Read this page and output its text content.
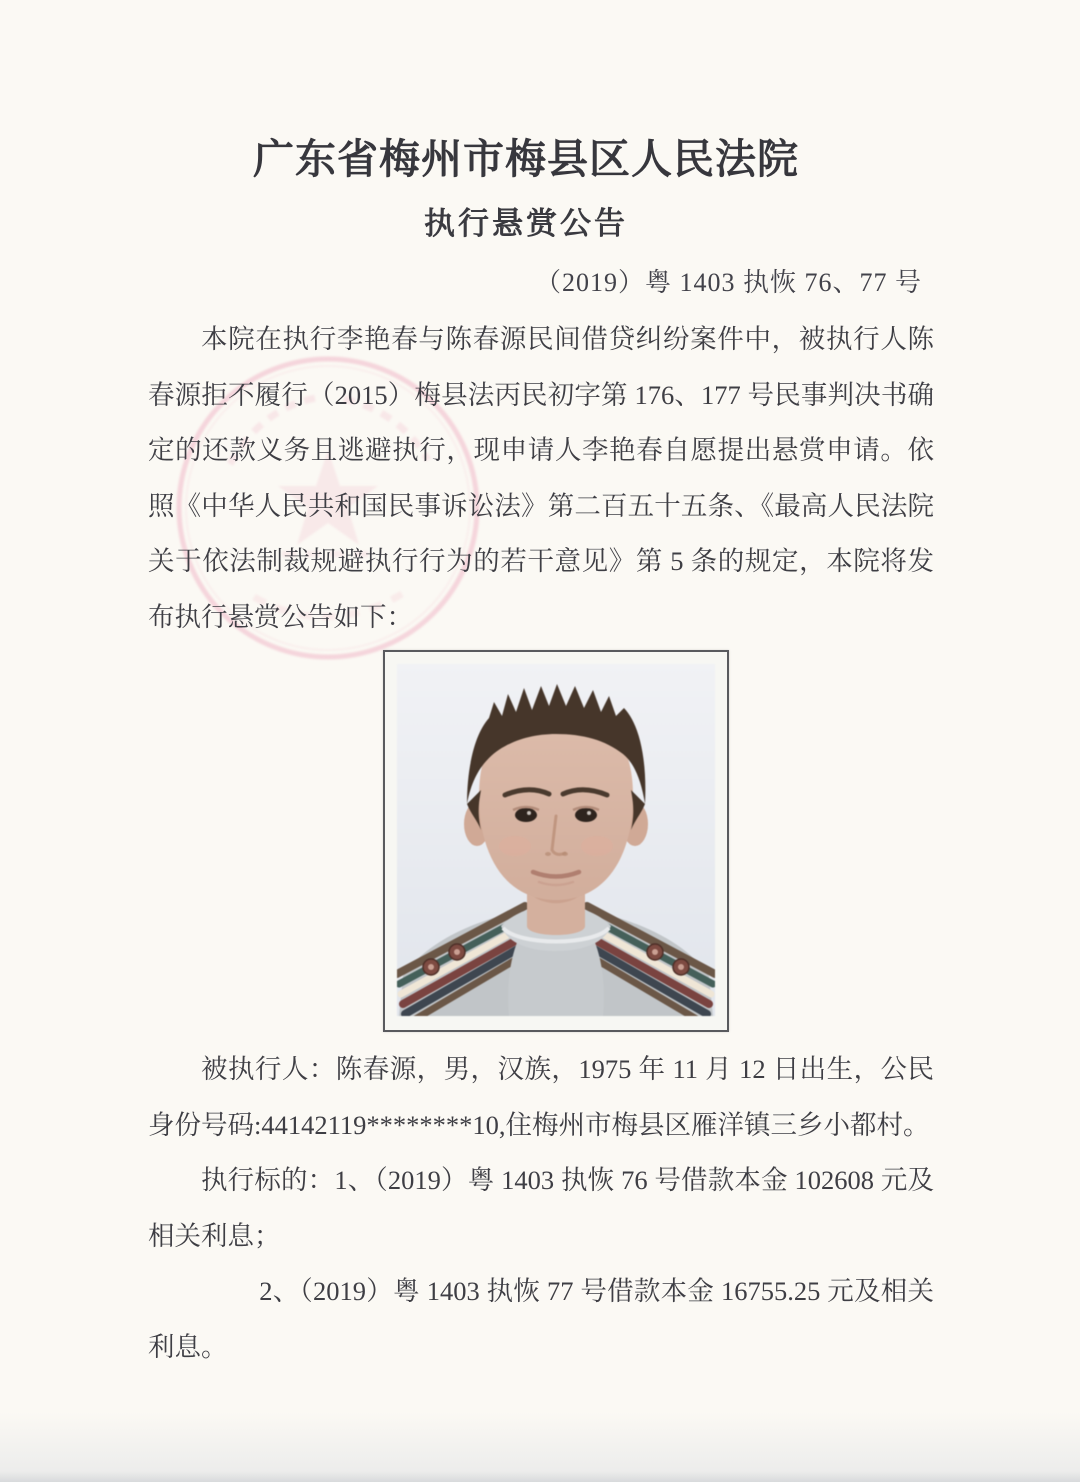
广东省梅州市梅县区人民法院
执行悬赏公告
（2019）粤 1403 执恢 76、77 号

本院在执行李艳春与陈春源民间借贷纠纷案件中，被执行人陈春源拒不履行（2015）梅县法丙民初字第 176、177 号民事判决书确定的还款义务且逃避执行，现申请人李艳春自愿提出悬赏申请。依照《中华人民共和国民事诉讼法》第二百五十五条、《最高人民法院关于依法制裁规避执行行为的若干意见》第 5 条的规定，本院将发布执行悬赏公告如下：

被执行人：陈春源，男，汉族，1975 年 11 月 12 日出生，公民身份号码:44142119********10,住梅州市梅县区雁洋镇三乡小都村。

执行标的：1、（2019）粤 1403 执恢 76 号借款本金 102608 元及相关利息；

2、（2019）粤 1403 执恢 77 号借款本金 16755.25 元及相关利息。
